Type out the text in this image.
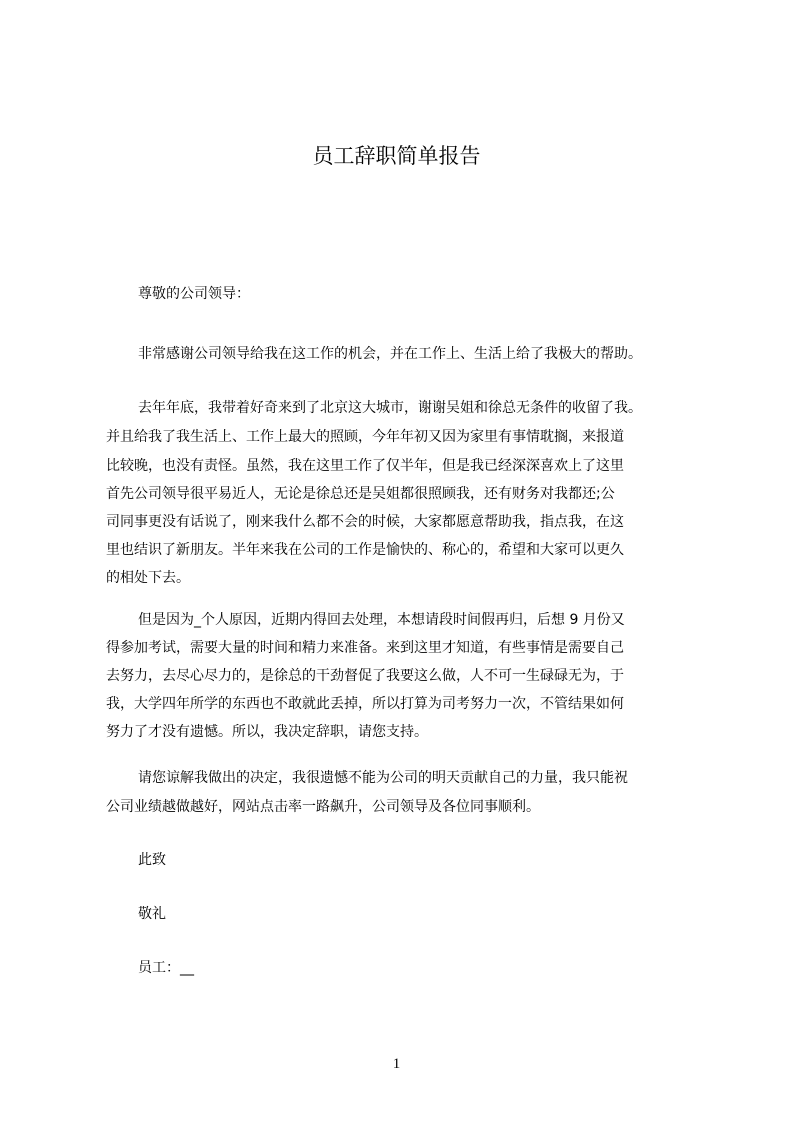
员工辞职简单报告
尊敬的公司领导：
非常感谢公司领导给我在这工作的机会，并在工作上、生活上给了我极大的帮助。
去年年底，我带着好奇来到了北京这大城市，谢谢吴姐和徐总无条件的收留了我。
并且给我了我生活上、工作上最大的照顾，今年年初又因为家里有事情耽搁，来报道
比较晚，也没有责怪。虽然，我在这里工作了仅半年，但是我已经深深喜欢上了这里
首先公司领导很平易近人，无论是徐总还是吴姐都很照顾我，还有财务对我都还;公
司同事更没有话说了，刚来我什么都不会的时候，大家都愿意帮助我，指点我，在这
里也结识了新朋友。半年来我在公司的工作是愉快的、称心的，希望和大家可以更久
的相处下去。
但是因为_个人原因，近期内得回去处理，本想请段时间假再归，后想 9 月份又
得参加考试，需要大量的时间和精力来准备。来到这里才知道，有些事情是需要自己
去努力，去尽心尽力的，是徐总的干劲督促了我要这么做，人不可一生碌碌无为，于
我，大学四年所学的东西也不敢就此丢掉，所以打算为司考努力一次，不管结果如何
努力了才没有遗憾。所以，我决定辞职，请您支持。
请您谅解我做出的决定，我很遗憾不能为公司的明天贡献自己的力量，我只能祝
公司业绩越做越好，网站点击率一路飙升，公司领导及各位同事顺利。
此致
敬礼
员工：__
1
